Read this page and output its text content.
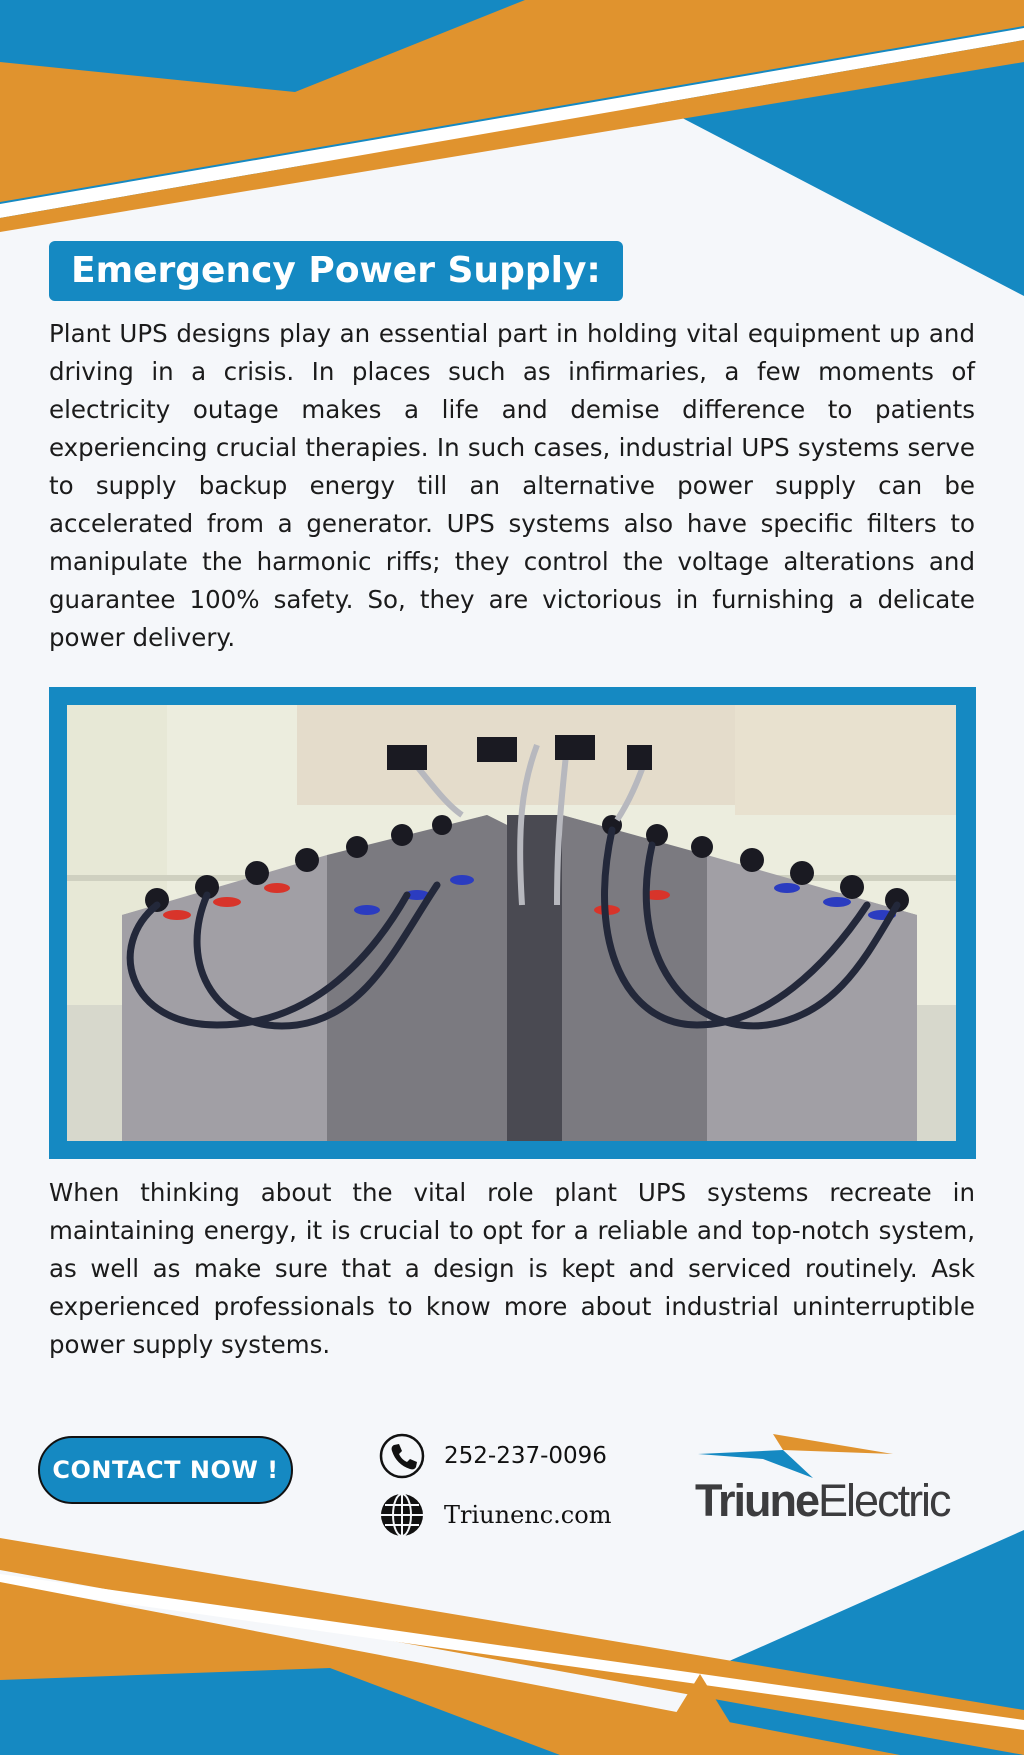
Emergency Power Supply:

Plant UPS designs play an essential part in holding vital equipment up and driving in a crisis. In places such as infirmaries, a few moments of electricity outage makes a life and demise difference to patients experiencing crucial therapies. In such cases, industrial UPS systems serve to supply backup energy till an alternative power supply can be accelerated from a generator. UPS systems also have specific filters to manipulate the harmonic riffs; they control the voltage alterations and guarantee 100% safety. So, they are victorious in furnishing a delicate power delivery.

When thinking about the vital role plant UPS systems recreate in maintaining energy, it is crucial to opt for a reliable and top-notch system, as well as make sure that a design is kept and serviced routinely. Ask experienced professionals to know more about industrial uninterruptible power supply systems.

CONTACT NOW !	252-237-0096
Triunenc.com TriuneElectric
